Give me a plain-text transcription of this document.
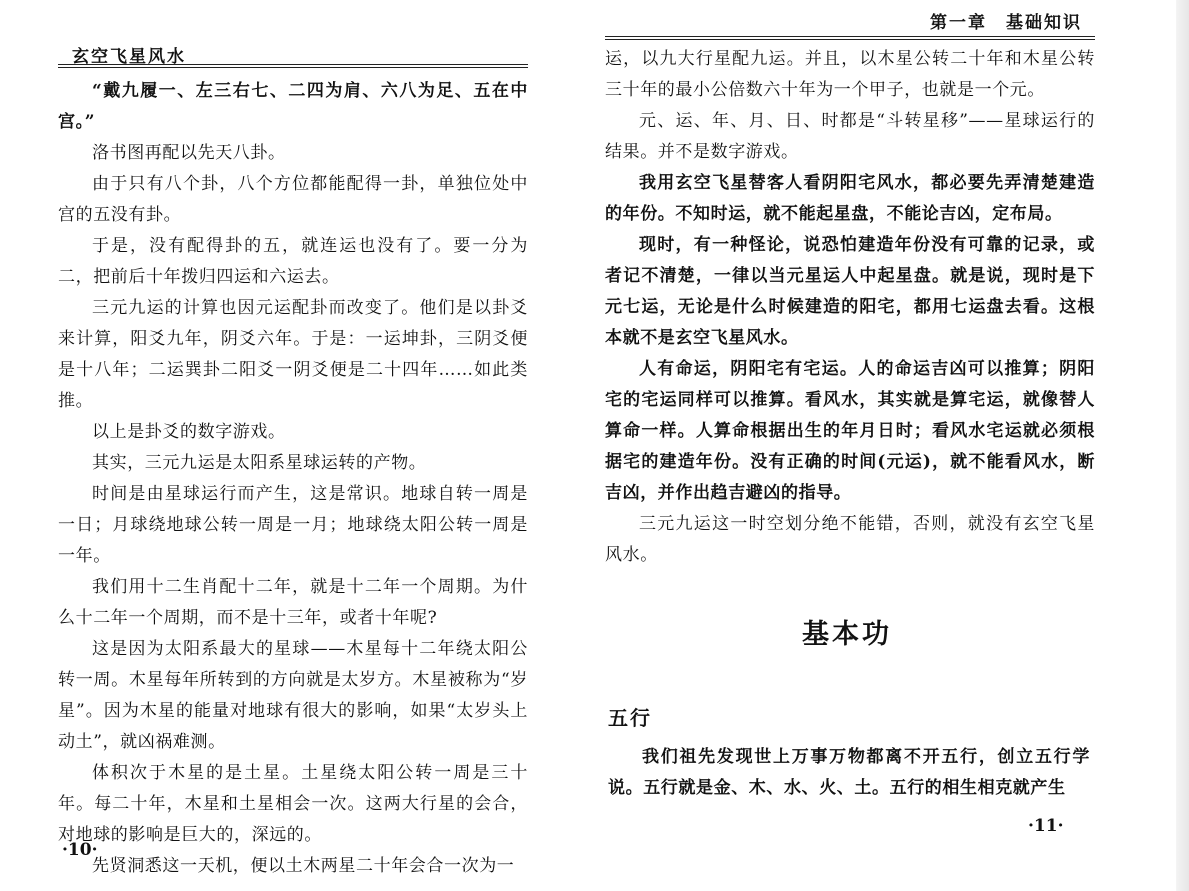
玄空飞星风水

“戴九履一、左三右七、二四为肩、六八为足、五在中宫。”

洛书图再配以先天八卦。

由于只有八个卦，八个方位都能配得一卦，单独位处中宫的五没有卦。

于是，没有配得卦的五，就连运也没有了。要一分为二，把前后十年拨归四运和六运去。

三元九运的计算也因元运配卦而改变了。他们是以卦爻来计算，阳爻九年，阴爻六年。于是：一运坤卦，三阴爻便是十八年；二运巽卦二阳爻一阴爻便是二十四年……如此类推。

以上是卦爻的数字游戏。

其实，三元九运是太阳系星球运转的产物。

时间是由星球运行而产生，这是常识。地球自转一周是一日；月球绕地球公转一周是一月；地球绕太阳公转一周是一年。

我们用十二生肖配十二年，就是十二年一个周期。为什么十二年一个周期，而不是十三年，或者十年呢?

这是因为太阳系最大的星球——木星每十二年绕太阳公转一周。木星每年所转到的方向就是太岁方。木星被称为“岁星”。因为木星的能量对地球有很大的影响，如果“太岁头上动土”，就凶祸难测。

体积次于木星的是土星。土星绕太阳公转一周是三十年。每二十年，木星和土星相会一次。这两大行星的会合，对地球的影响是巨大的，深远的。

先贤洞悉这一天机，便以土木两星二十年会合一次为一

·10·
第一章　基础知识

运，以九大行星配九运。并且，以木星公转二十年和木星公转三十年的最小公倍数六十年为一个甲子，也就是一个元。

元、运、年、月、日、时都是“斗转星移”——星球运行的结果。并不是数字游戏。

我用玄空飞星替客人看阴阳宅风水，都必要先弄清楚建造的年份。不知时运，就不能起星盘，不能论吉凶，定布局。

现时，有一种怪论，说恐怕建造年份没有可靠的记录，或者记不清楚，一律以当元星运人中起星盘。就是说，现时是下元七运，无论是什么时候建造的阳宅，都用七运盘去看。这根本就不是玄空飞星风水。

人有命运，阴阳宅有宅运。人的命运吉凶可以推算；阴阳宅的宅运同样可以推算。看风水，其实就是算宅运，就像替人算命一样。人算命根据出生的年月日时；看风水宅运就必须根据宅的建造年份。没有正确的时间(元运)，就不能看风水，断吉凶，并作出趋吉避凶的指导。

三元九运这一时空划分绝不能错，否则，就没有玄空飞星风水。

基本功
五行

我们祖先发现世上万事万物都离不开五行，创立五行学说。五行就是金、木、水、火、土。五行的相生相克就产生

·11·
